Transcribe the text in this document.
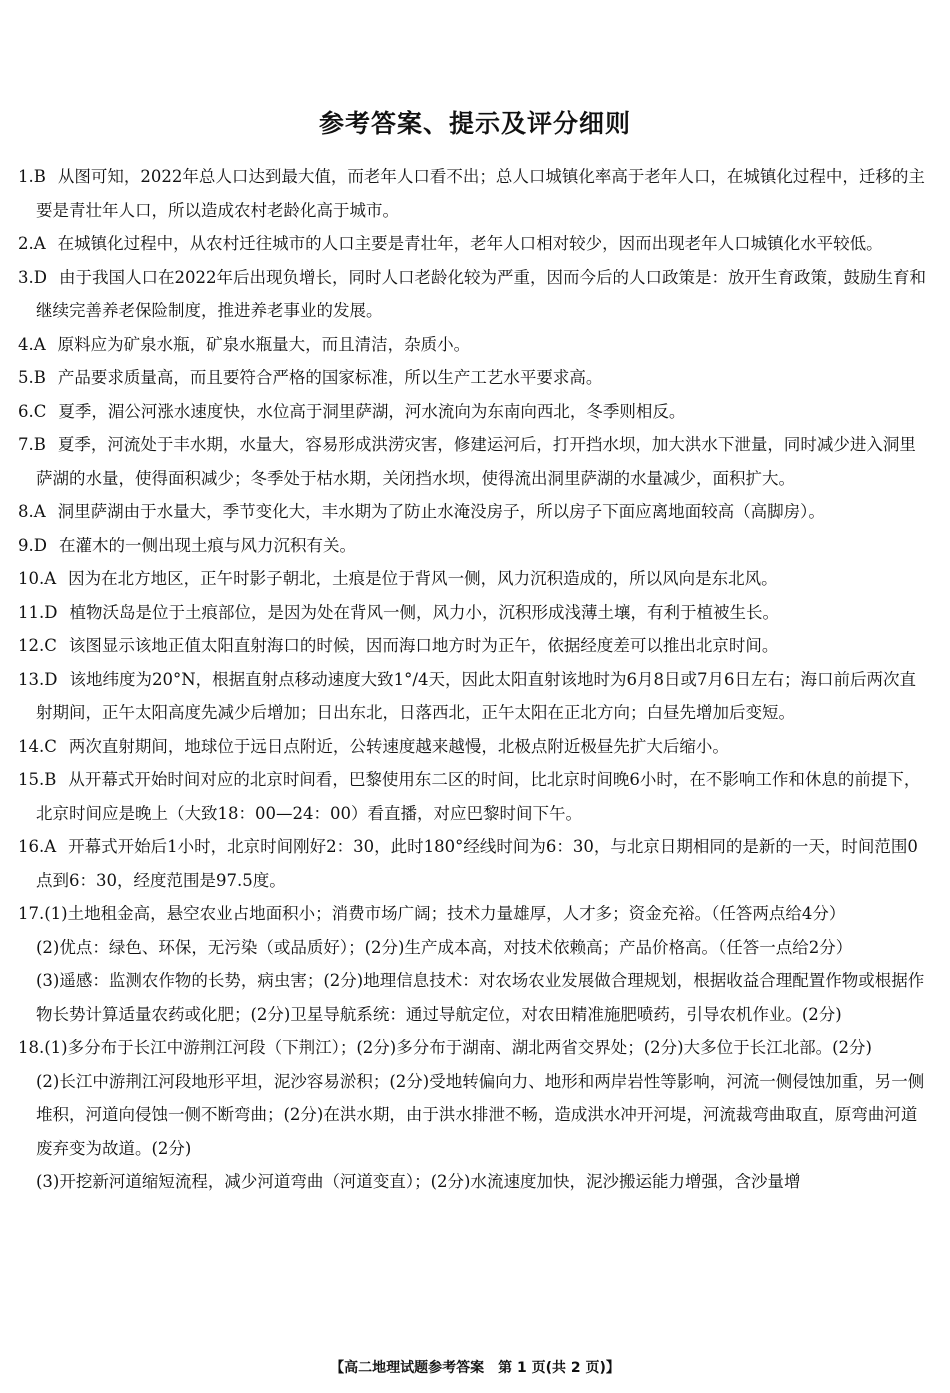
参考答案、提示及评分细则
1.B 从图可知，2022年总人口达到最大值，而老年人口看不出；总人口城镇化率高于老年人口，在城镇化过程中，迁移的主要是青壮年人口，所以造成农村老龄化高于城市。
2.A 在城镇化过程中，从农村迁往城市的人口主要是青壮年，老年人口相对较少，因而出现老年人口城镇化水平较低。
3.D 由于我国人口在2022年后出现负增长，同时人口老龄化较为严重，因而今后的人口政策是：放开生育政策，鼓励生育和继续完善养老保险制度，推进养老事业的发展。
4.A 原料应为矿泉水瓶，矿泉水瓶量大，而且清洁，杂质小。
5.B 产品要求质量高，而且要符合严格的国家标准，所以生产工艺水平要求高。
6.C 夏季，湄公河涨水速度快，水位高于洞里萨湖，河水流向为东南向西北，冬季则相反。
7.B 夏季，河流处于丰水期，水量大，容易形成洪涝灾害，修建运河后，打开挡水坝，加大洪水下泄量，同时减少进入洞里萨湖的水量，使得面积减少；冬季处于枯水期，关闭挡水坝，使得流出洞里萨湖的水量减少，面积扩大。
8.A 洞里萨湖由于水量大，季节变化大，丰水期为了防止水淹没房子，所以房子下面应离地面较高（高脚房）。
9.D 在灌木的一侧出现土痕与风力沉积有关。
10.A 因为在北方地区，正午时影子朝北，土痕是位于背风一侧，风力沉积造成的，所以风向是东北风。
11.D 植物沃岛是位于土痕部位，是因为处在背风一侧，风力小，沉积形成浅薄土壤，有利于植被生长。
12.C 该图显示该地正值太阳直射海口的时候，因而海口地方时为正午，依据经度差可以推出北京时间。
13.D 该地纬度为20°N，根据直射点移动速度大致1°/4天，因此太阳直射该地时为6月8日或7月6日左右；海口前后两次直射期间，正午太阳高度先减少后增加；日出东北，日落西北，正午太阳在正北方向；白昼先增加后变短。
14.C 两次直射期间，地球位于远日点附近，公转速度越来越慢，北极点附近极昼先扩大后缩小。
15.B 从开幕式开始时间对应的北京时间看，巴黎使用东二区的时间，比北京时间晚6小时，在不影响工作和休息的前提下，北京时间应是晚上（大致18：00—24：00）看直播，对应巴黎时间下午。
16.A 开幕式开始后1小时，北京时间刚好2：30，此时180°经线时间为6：30，与北京日期相同的是新的一天，时间范围0点到6：30，经度范围是97.5度。
17.(1)土地租金高，悬空农业占地面积小；消费市场广阔；技术力量雄厚，人才多；资金充裕。（任答两点给4分）
(2)优点：绿色、环保，无污染（或品质好）；(2分)生产成本高，对技术依赖高；产品价格高。（任答一点给2分）
(3)遥感：监测农作物的长势，病虫害；(2分)地理信息技术：对农场农业发展做合理规划，根据收益合理配置作物或根据作物长势计算适量农药或化肥；(2分)卫星导航系统：通过导航定位，对农田精准施肥喷药，引导农机作业。(2分)
18.(1)多分布于长江中游荆江河段（下荆江）；(2分)多分布于湖南、湖北两省交界处；(2分)大多位于长江北部。(2分)
(2)长江中游荆江河段地形平坦，泥沙容易淤积；(2分)受地转偏向力、地形和两岸岩性等影响，河流一侧侵蚀加重，另一侧堆积，河道向侵蚀一侧不断弯曲；(2分)在洪水期，由于洪水排泄不畅，造成洪水冲开河堤，河流裁弯曲取直，原弯曲河道废弃变为故道。(2分)
(3)开挖新河道缩短流程，减少河道弯曲（河道变直）；(2分)水流速度加快，泥沙搬运能力增强，含沙量增
【高二地理试题参考答案　第 1 页(共 2 页)】
